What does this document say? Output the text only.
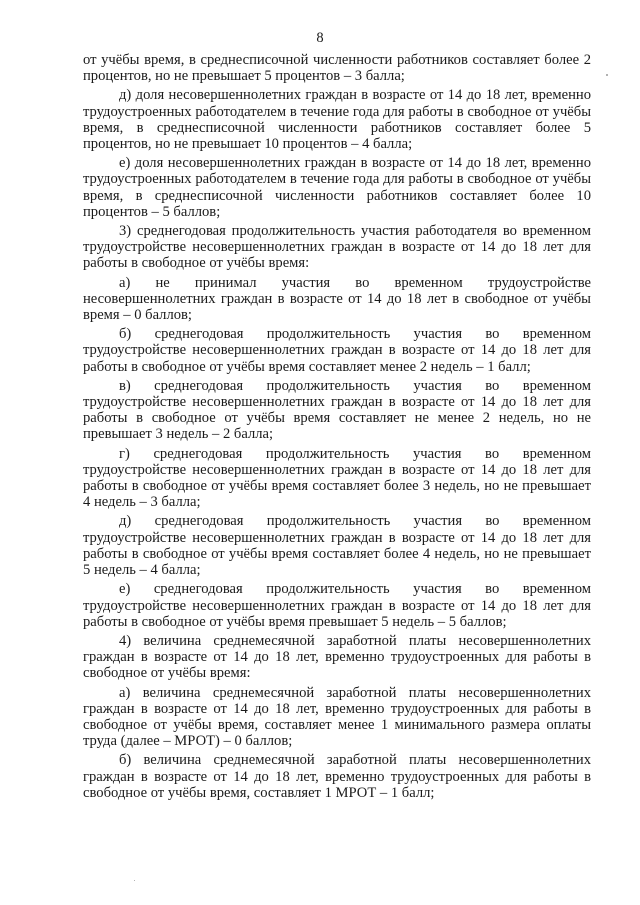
8

от учёбы время, в среднесписочной численности работников составляет более 2 процентов, но не превышает 5 процентов – 3 балла;

д) доля несовершеннолетних граждан в возрасте от 14 до 18 лет, временно трудоустроенных работодателем в течение года для работы в свободное от учёбы время, в среднесписочной численности работников составляет более 5 процентов, но не превышает 10 процентов – 4 балла;

е) доля несовершеннолетних граждан в возрасте от 14 до 18 лет, временно трудоустроенных работодателем в течение года для работы в свободное от учёбы время, в среднесписочной численности работников составляет более 10 процентов – 5 баллов;

3) среднегодовая продолжительность участия работодателя во временном трудоустройстве несовершеннолетних граждан в возрасте от 14 до 18 лет для работы в свободное от учёбы время:

а) не принимал участия во временном трудоустройстве несовершеннолетних граждан в возрасте от 14 до 18 лет в свободное от учёбы время – 0 баллов;

б) среднегодовая продолжительность участия во временном трудоустройстве несовершеннолетних граждан в возрасте от 14 до 18 лет для работы в свободное от учёбы время составляет менее 2 недель – 1 балл;

в) среднегодовая продолжительность участия во временном трудоустройстве несовершеннолетних граждан в возрасте от 14 до 18 лет для работы в свободное от учёбы время составляет не менее 2 недель, но не превышает 3 недель – 2 балла;

г) среднегодовая продолжительность участия во временном трудоустройстве несовершеннолетних граждан в возрасте от 14 до 18 лет для работы в свободное от учёбы время составляет более 3 недель, но не превышает 4 недель – 3 балла;

д) среднегодовая продолжительность участия во временном трудоустройстве несовершеннолетних граждан в возрасте от 14 до 18 лет для работы в свободное от учёбы время составляет более 4 недель, но не превышает 5 недель – 4 балла;

е) среднегодовая продолжительность участия во временном трудоустройстве несовершеннолетних граждан в возрасте от 14 до 18 лет для работы в свободное от учёбы время превышает 5 недель – 5 баллов;

4) величина среднемесячной заработной платы несовершеннолетних граждан в возрасте от 14 до 18 лет, временно трудоустроенных для работы в свободное от учёбы время:

а) величина среднемесячной заработной платы несовершеннолетних граждан в возрасте от 14 до 18 лет, временно трудоустроенных для работы в свободное от учёбы время, составляет менее 1 минимального размера оплаты труда (далее – МРОТ) – 0 баллов;

б) величина среднемесячной заработной платы несовершеннолетних граждан в возрасте от 14 до 18 лет, временно трудоустроенных для работы в свободное от учёбы время, составляет 1 МРОТ – 1 балл;
